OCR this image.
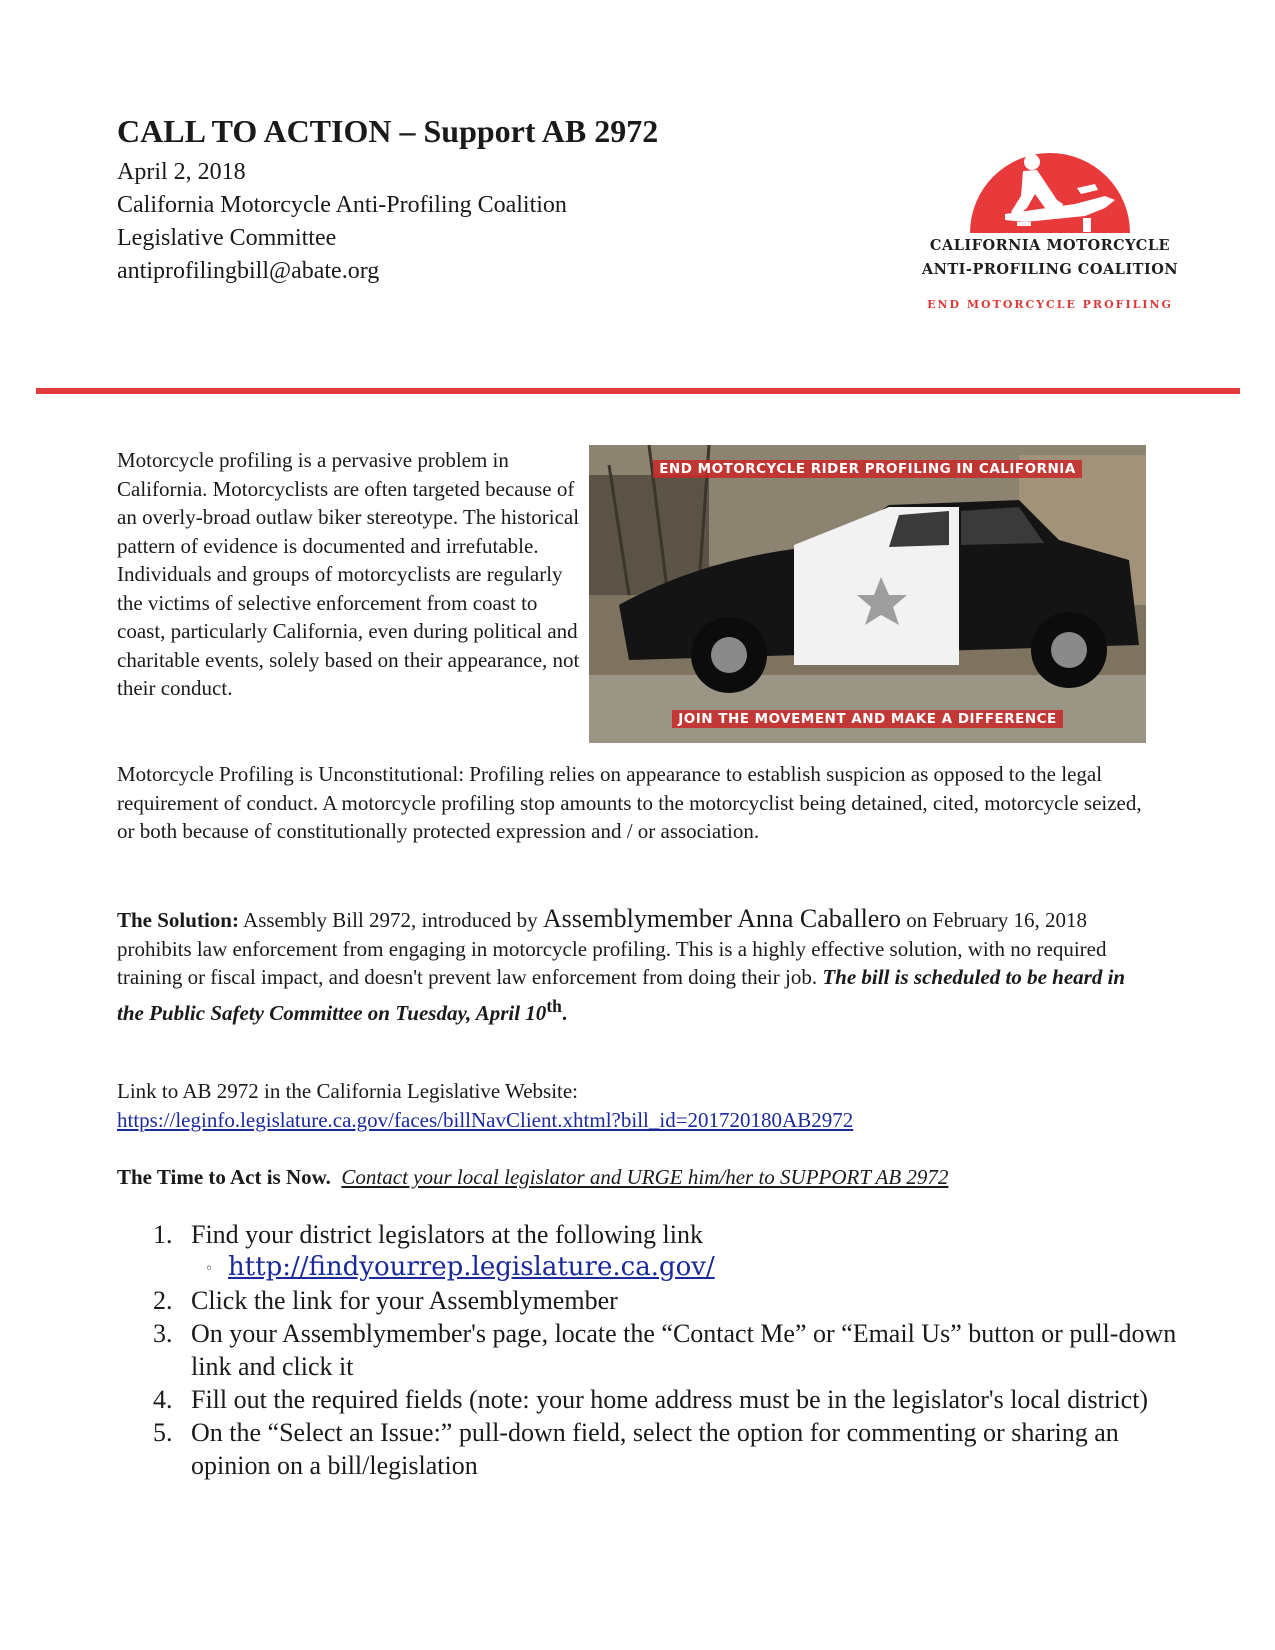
CALL TO ACTION – Support AB 2972
April 2, 2018
California Motorcycle Anti-Profiling Coalition
Legislative Committee
antiprofilingbill@abate.org
CALIFORNIA MOTORCYCLE
ANTI-PROFILING COALITION
END MOTORCYCLE PROFILING
Motorcycle profiling is a pervasive problem in California. Motorcyclists are often targeted because of an overly-broad outlaw biker stereotype. The historical pattern of evidence is documented and irrefutable. Individuals and groups of motorcyclists are regularly the victims of selective enforcement from coast to coast, particularly California, even during political and charitable events, solely based on their appearance, not their conduct.
END MOTORCYCLE RIDER PROFILING IN CALIFORNIA
JOIN THE MOVEMENT AND MAKE A DIFFERENCE
Motorcycle Profiling is Unconstitutional: Profiling relies on appearance to establish suspicion as opposed to the legal requirement of conduct. A motorcycle profiling stop amounts to the motorcyclist being detained, cited, motorcycle seized, or both because of constitutionally protected expression and / or association.
The Solution: Assembly Bill 2972, introduced by Assemblymember Anna Caballero on February 16, 2018 prohibits law enforcement from engaging in motorcycle profiling. This is a highly effective solution, with no required training or fiscal impact, and doesn't prevent law enforcement from doing their job. The bill is scheduled to be heard in the Public Safety Committee on Tuesday, April 10th.
Link to AB 2972 in the California Legislative Website:
https://leginfo.legislature.ca.gov/faces/billNavClient.xhtml?bill_id=201720180AB2972
The Time to Act is Now. Contact your local legislator and URGE him/her to SUPPORT AB 2972
1. Find your district legislators at the following link
◦ http://findyourrep.legislature.ca.gov/
2. Click the link for your Assemblymember
3. On your Assemblymember's page, locate the “Contact Me” or “Email Us” button or pull-down link and click it
4. Fill out the required fields (note: your home address must be in the legislator's local district)
5. On the “Select an Issue:” pull-down field, select the option for commenting or sharing an opinion on a bill/legislation
